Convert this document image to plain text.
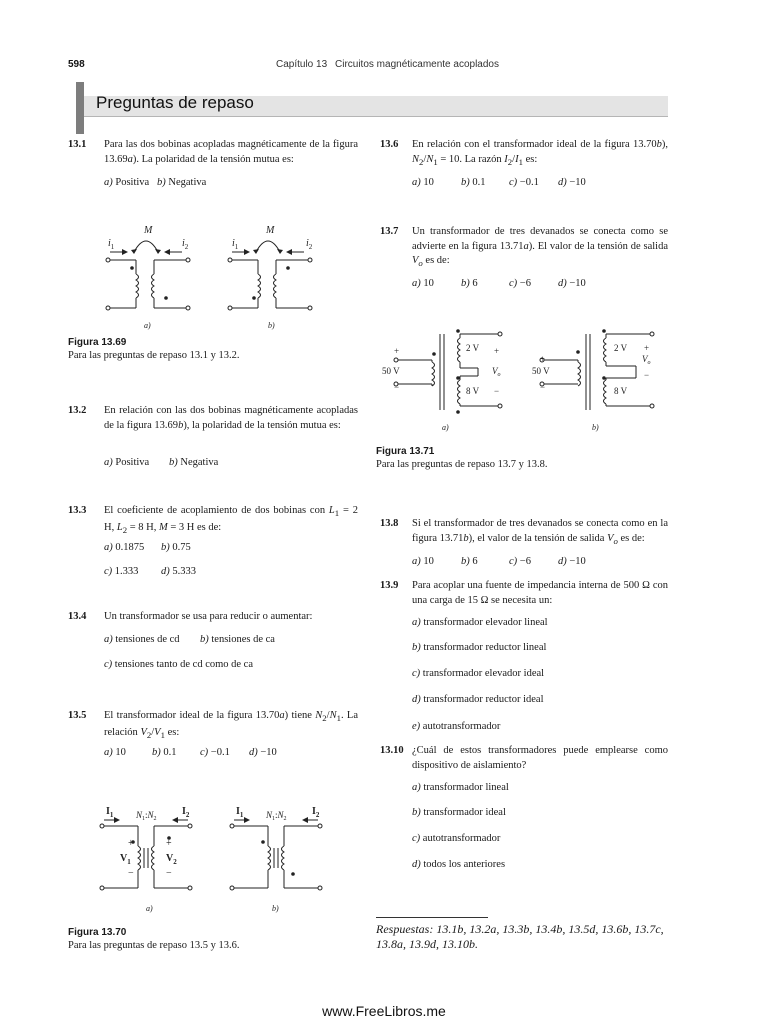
598	Capítulo 13 Circuitos magnéticamente acoplados
Preguntas de repaso
13.1 Para las dos bobinas acopladas magnéticamente de la figura 13.69a). La polaridad de la tensión mutua es:
a) Positiva b) Negativa
M
$i_1$	$i_2$
M
$i_1$	$i_2$
a)	b)
Figura 13.69
Para las preguntas de repaso 13.1 y 13.2.
13.2 En relación con las dos bobinas magnéticamente acopladas de la figura 13.69b), la polaridad de la tensión mutua es:
a) Positiva b) Negativa
13.3 El coeficiente de acoplamiento de dos bobinas con $L_1 = 2$ H, $L_2 = 8$ H, M = 3 H es de:
a) 0.1875 b) 0.75
c) 1.333 d) 5.333
13.4 Un transformador se usa para reducir o aumentar:
a) tensiones de cd b) tensiones de ca
c) tensiones tanto de cd como de ca
13.5 El transformador ideal de la figura 13.70a) tiene $N_2/N_1$. La relación $V_2/V_1$ es:
a) 10 b) 0.1 c) −0.1 d) −10
$I_1$	$I_2$
$N_1:N_2$
+
$V_1$
−
+
$V_2$
−
$I_1$	$I_2$
$N_1:N_2$
a)	b)
Figura 13.70
Para las preguntas de repaso 13.5 y 13.6.
13.6 En relación con el transformador ideal de la figura 13.70b), $N_2/N_1 = 10$. La razón $I_2/I_1$ es:
a) 10	b) 0.1 c) −0.1 d) −10
13.7 Un transformador de tres devanados se conecta como se advierte en la figura 13.71a). El valor de la tensión de salida $V_o$ es de:
a) 10	b) 6	c) −6	d) −10
+
50 V
−
2 V
8 V
+
$V_o$
−
+
50 V
−
2 V
8 V
+
$V_o$
−
a)	b)
Figura 13.71
Para las preguntas de repaso 13.7 y 13.8.
13.8 Si el transformador de tres devanados se conecta como en la figura 13.71b), el valor de la tensión de salida $V_o$ es de:
a) 10	b) 6	c) −6	d) −10
13.9 Para acoplar una fuente de impedancia interna de 500 Ω con una carga de 15 Ω se necesita un:
a) transformador elevador lineal
b) transformador reductor lineal
c) transformador elevador ideal
d) transformador reductor ideal
e) autotransformador
13.10 ¿Cuál de estos transformadores puede emplearse como dispositivo de aislamiento?
a) transformador lineal
b) transformador ideal
c) autotransformador
d) todos los anteriores
Respuestas: 13.1b, 13.2a, 13.3b, 13.4b, 13.5d, 13.6b, 13.7c, 13.8a, 13.9d, 13.10b.
www.FreeLibros.me
